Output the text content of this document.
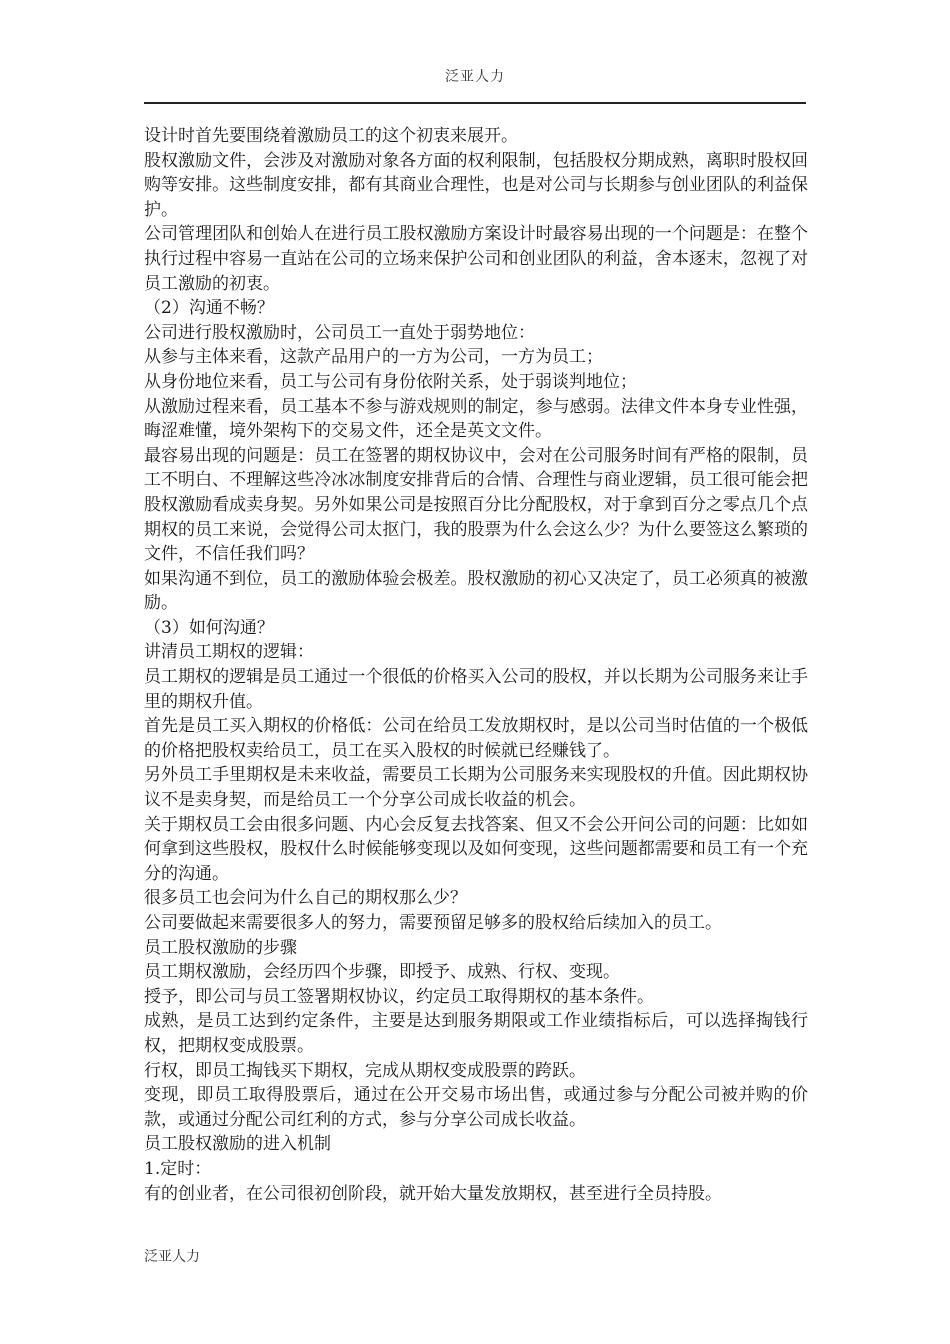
泛亚人力

设计时首先要围绕着激励员工的这个初衷来展开。

股权激励文件，会涉及对激励对象各方面的权利限制，包括股权分期成熟，离职时股权回购等安排。这些制度安排，都有其商业合理性，也是对公司与长期参与创业团队的利益保护。

公司管理团队和创始人在进行员工股权激励方案设计时最容易出现的一个问题是：在整个执行过程中容易一直站在公司的立场来保护公司和创业团队的利益，舍本逐末，忽视了对员工激励的初衷。

（2）沟通不畅？

公司进行股权激励时，公司员工一直处于弱势地位：

从参与主体来看，这款产品用户的一方为公司，一方为员工；

从身份地位来看，员工与公司有身份依附关系，处于弱谈判地位；

从激励过程来看，员工基本不参与游戏规则的制定，参与感弱。法律文件本身专业性强，晦涩难懂，境外架构下的交易文件，还全是英文文件。

最容易出现的问题是：员工在签署的期权协议中，会对在公司服务时间有严格的限制，员工不明白、不理解这些冷冰冰制度安排背后的合情、合理性与商业逻辑，员工很可能会把股权激励看成卖身契。另外如果公司是按照百分比分配股权，对于拿到百分之零点几个点期权的员工来说，会觉得公司太抠门，我的股票为什么会这么少？为什么要签这么繁琐的文件，不信任我们吗？

如果沟通不到位，员工的激励体验会极差。股权激励的初心又决定了，员工必须真的被激励。

（3）如何沟通？

讲清员工期权的逻辑：

员工期权的逻辑是员工通过一个很低的价格买入公司的股权，并以长期为公司服务来让手里的期权升值。

首先是员工买入期权的价格低：公司在给员工发放期权时，是以公司当时估值的一个极低的价格把股权卖给员工，员工在买入股权的时候就已经赚钱了。

另外员工手里期权是未来收益，需要员工长期为公司服务来实现股权的升值。因此期权协议不是卖身契，而是给员工一个分享公司成长收益的机会。

关于期权员工会由很多问题、内心会反复去找答案、但又不会公开问公司的问题：比如如何拿到这些股权，股权什么时候能够变现以及如何变现，这些问题都需要和员工有一个充分的沟通。

很多员工也会问为什么自己的期权那么少？

公司要做起来需要很多人的努力，需要预留足够多的股权给后续加入的员工。

员工股权激励的步骤

员工期权激励，会经历四个步骤，即授予、成熟、行权、变现。

授予，即公司与员工签署期权协议，约定员工取得期权的基本条件。

成熟，是员工达到约定条件，主要是达到服务期限或工作业绩指标后，可以选择掏钱行权，把期权变成股票。

行权，即员工掏钱买下期权，完成从期权变成股票的跨跃。

变现，即员工取得股票后，通过在公开交易市场出售，或通过参与分配公司被并购的价款，或通过分配公司红利的方式，参与分享公司成长收益。

员工股权激励的进入机制

1.定时：

有的创业者，在公司很初创阶段，就开始大量发放期权，甚至进行全员持股。

泛亚人力
